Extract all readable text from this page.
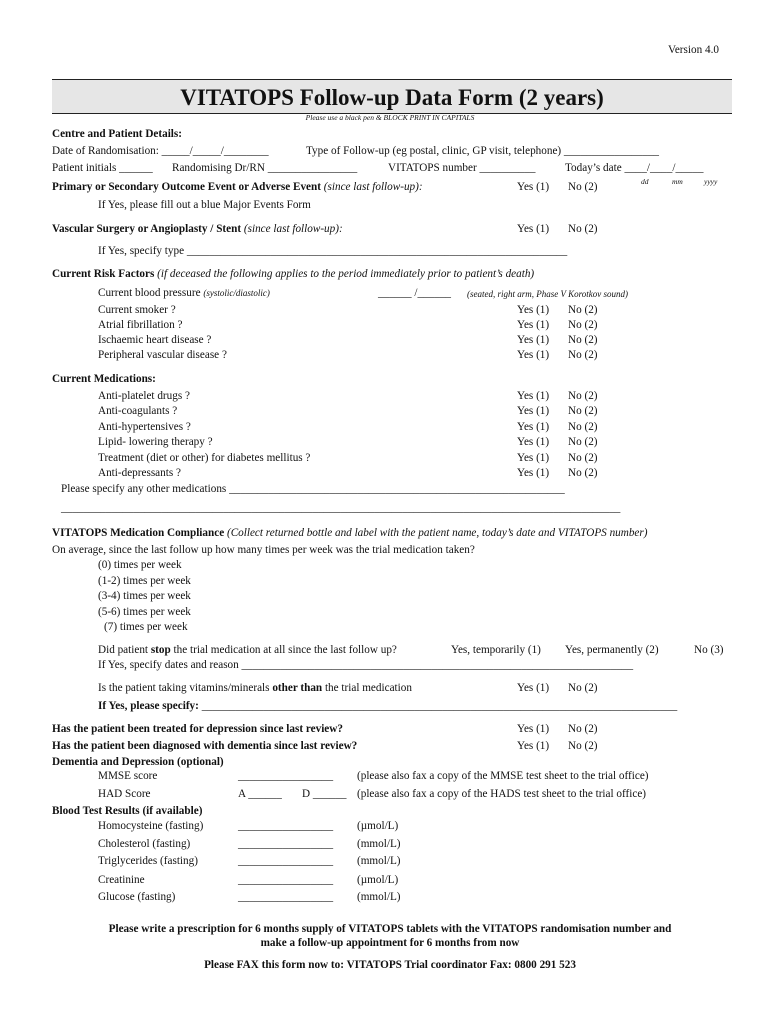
Version 4.0
VITATOPS Follow-up Data Form (2 years)
Please use a black pen & BLOCK PRINT IN CAPITALS
Centre and Patient Details:
Date of Randomisation: _____/_____/________	Type of Follow-up (eg postal, clinic, GP visit, telephone) _________________
Patient initials ______ Randomising Dr/RN ________________	VITATOPS number __________	Today’s date ____/____/_____
dd	mm	yyyy
Primary or Secondary Outcome Event or Adverse Event (since last follow-up):	Yes (1) No (2)
If Yes, please fill out a blue Major Events Form
Vascular Surgery or Angioplasty / Stent (since last follow-up):	Yes (1) No (2)
If Yes, specify type ____________________________________________________________________
Current Risk Factors (if deceased the following applies to the period immediately prior to patient’s death)
Current blood pressure (systolic/diastolic)	______ /______ (seated, right arm, Phase V Korotkov sound)
Current smoker ?	Yes (1) No (2)
Atrial fibrillation ?	Yes (1) No (2)
Ischaemic heart disease ?	Yes (1) No (2)
Peripheral vascular disease ?	Yes (1) No (2)
Current Medications:
Anti-platelet drugs ?	Yes (1) No (2)
Anti-coagulants ?	Yes (1) No (2)
Anti-hypertensives ?	Yes (1) No (2)
Lipid- lowering therapy ?	Yes (1) No (2)
Treatment (diet or other) for diabetes mellitus ?	Yes (1) No (2)
Anti-depressants ?	Yes (1) No (2)
Please specify any other medications ____________________________________________________________
____________________________________________________________________________________________________
VITATOPS Medication Compliance (Collect returned bottle and label with the patient name, today’s date and VITATOPS number)
On average, since the last follow up how many times per week was the trial medication taken?
(0) times per week
(1-2) times per week
(3-4) times per week
(5-6) times per week
(7) times per week
Did patient stop the trial medication at all since the last follow up?	Yes, temporarily (1) Yes, permanently (2)	No (3)
If Yes, specify dates and reason ______________________________________________________________________
Is the patient taking vitamins/minerals other than the trial medication	Yes (1) No (2)
If Yes, please specify: _____________________________________________________________________________________
Has the patient been treated for depression since last review?	Yes (1) No (2)
Has the patient been diagnosed with dementia since last review?	Yes (1) No (2)
Dementia and Depression (optional)
MMSE score	_________________ (please also fax a copy of the MMSE test sheet to the trial office)
HAD Score	A ______ D ______ (please also fax a copy of the HADS test sheet to the trial office)
Blood Test Results (if available)
Homocysteine (fasting)	_________________ (µmol/L)
Cholesterol (fasting)	_________________ (mmol/L)
Triglycerides (fasting)	_________________ (mmol/L)
Creatinine	_________________ (µmol/L)
Glucose (fasting)	_________________ (mmol/L)
Please write a prescription for 6 months supply of VITATOPS tablets with the VITATOPS randomisation number and
make a follow-up appointment for 6 months from now
Please FAX this form now to: VITATOPS Trial coordinator Fax: 0800 291 523
